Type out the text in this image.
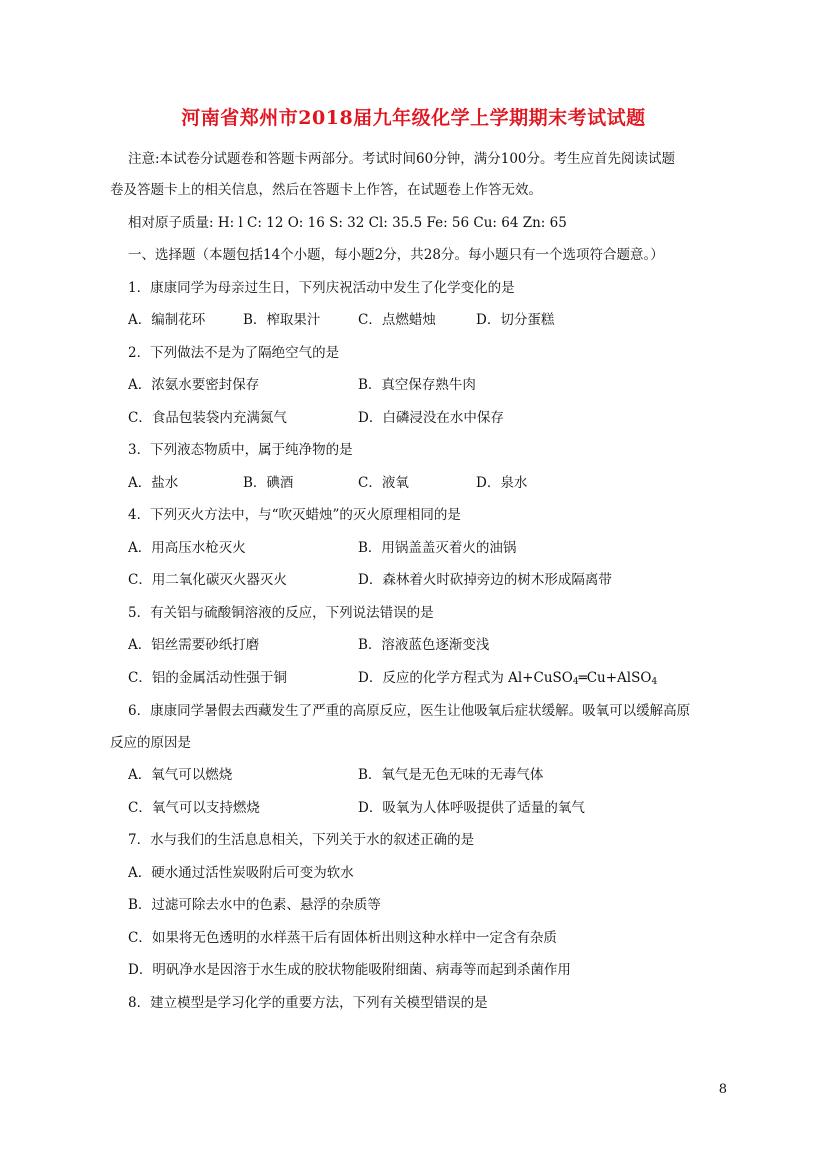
河南省郑州市2018届九年级化学上学期期末考试试题
注意:本试卷分试题卷和答题卡两部分。考试时间60分钟，满分100分。考生应首先阅读试题
卷及答题卡上的相关信息，然后在答题卡上作答，在试题卷上作答无效。
相对原子质量: H: l C: 12 O: 16 S: 32 Cl: 35.5 Fe: 56 Cu: 64 Zn: 65
一、选择题（本题包括14个小题，每小题2分，共28分。每小题只有一个选项符合题意。）
1．康康同学为母亲过生日，下列庆祝活动中发生了化学变化的是
A．编制花环	B．榨取果汁	C．点燃蜡烛	D．切分蛋糕
2．下列做法不是为了隔绝空气的是
A．浓氨水要密封保存	B．真空保存熟牛肉
C．食品包装袋内充满氮气	D．白磷浸没在水中保存
3．下列液态物质中，属于纯净物的是
A．盐水	B．碘酒	C．液氧	D．泉水
4．下列灭火方法中，与“吹灭蜡烛”的灭火原理相同的是
A．用高压水枪灭火	B．用锅盖盖灭着火的油锅
C．用二氧化碳灭火器灭火	D．森林着火时砍掉旁边的树木形成隔离带
5．有关铝与硫酸铜溶液的反应，下列说法错误的是
A．铝丝需要砂纸打磨	B．溶液蓝色逐渐变浅
C．铝的金属活动性强于铜	D．反应的化学方程式为 Al+CuSO$_4$═Cu+AlSO$_4$
6．康康同学暑假去西藏发生了严重的高原反应，医生让他吸氧后症状缓解。吸氧可以缓解高原
反应的原因是
A．氧气可以燃烧	B．氧气是无色无味的无毒气体
C．氧气可以支持燃烧	D．吸氧为人体呼吸提供了适量的氧气
7．水与我们的生活息息相关，下列关于水的叙述正确的是
A．硬水通过活性炭吸附后可变为软水
B．过滤可除去水中的色素、悬浮的杂质等
C．如果将无色透明的水样蒸干后有固体析出则这种水样中一定含有杂质
D．明矾净水是因溶于水生成的胶状物能吸附细菌、病毒等而起到杀菌作用
8．建立模型是学习化学的重要方法，下列有关模型错误的是
8
